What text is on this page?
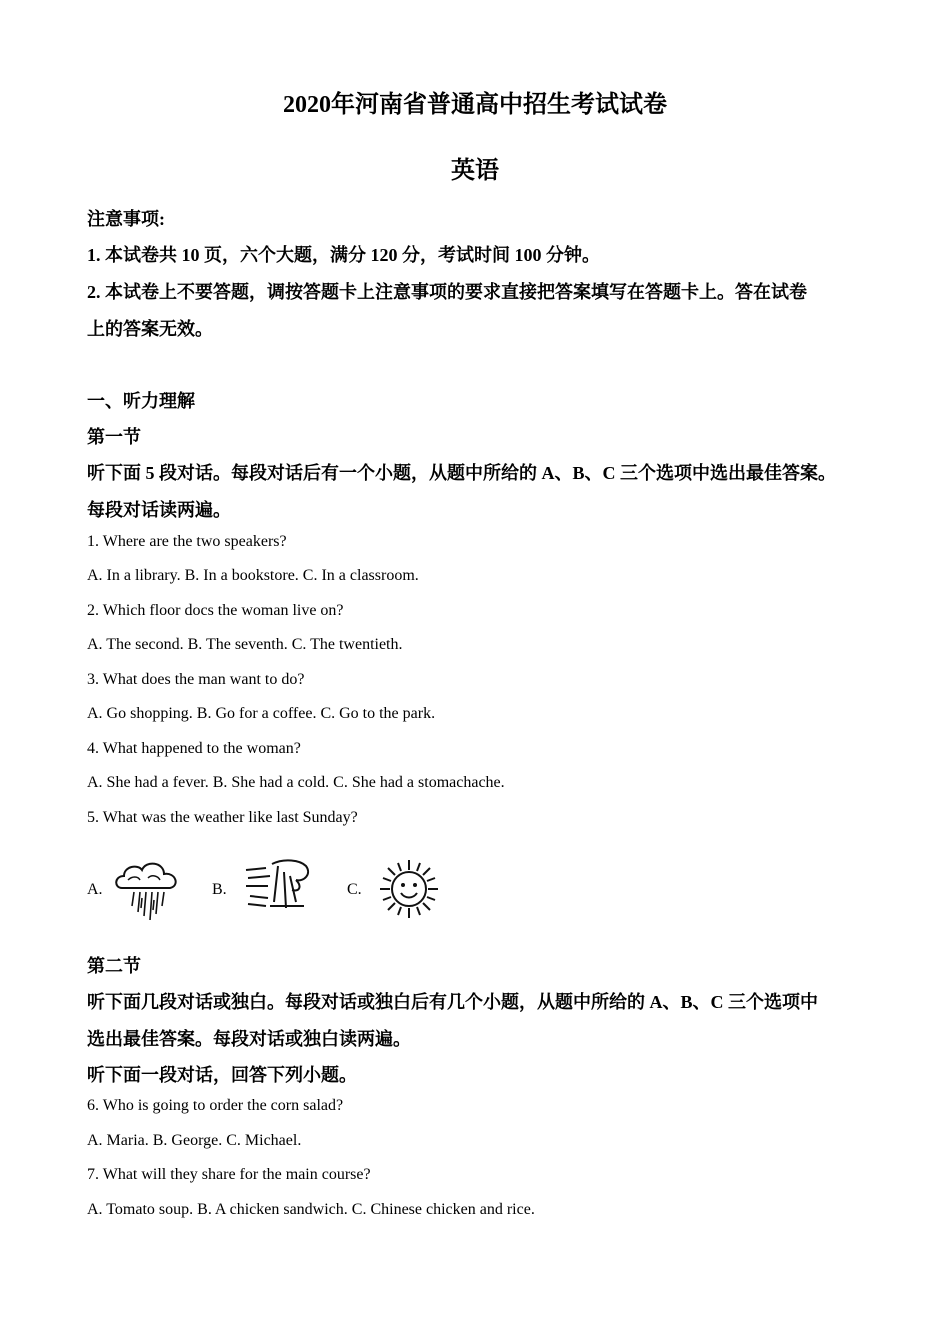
2020年河南省普通高中招生考试试卷
英语
注意事项:
1. 本试卷共 10 页，六个大题，满分 120 分，考试时间 100 分钟。
2. 本试卷上不要答题，调按答题卡上注意事项的要求直接把答案填写在答题卡上。答在试卷
上的答案无效。
一、听力理解
第一节
听下面 5 段对话。每段对话后有一个小题，从题中所给的 A、B、C 三个选项中选出最佳答案。
每段对话读两遍。
1. Where are the two speakers?
A. In a library. B. In a bookstore. C. In a classroom.
2. Which floor docs the woman live on?
A. The second. B. The seventh. C. The twentieth.
3. What does the man want to do?
A. Go shopping. B. Go for a coffee. C. Go to the park.
4. What happened to the woman?
A. She had a fever. B. She had a cold. C. She had a stomachache.
5. What was the weather like last Sunday?
A.	B.	C.
第二节
听下面几段对话或独白。每段对话或独白后有几个小题，从题中所给的 A、B、C 三个选项中
选出最佳答案。每段对话或独白读两遍。
听下面一段对话，回答下列小题。
6. Who is going to order the corn salad?
A. Maria. B. George. C. Michael.
7. What will they share for the main course?
A. Tomato soup. B. A chicken sandwich. C. Chinese chicken and rice.
